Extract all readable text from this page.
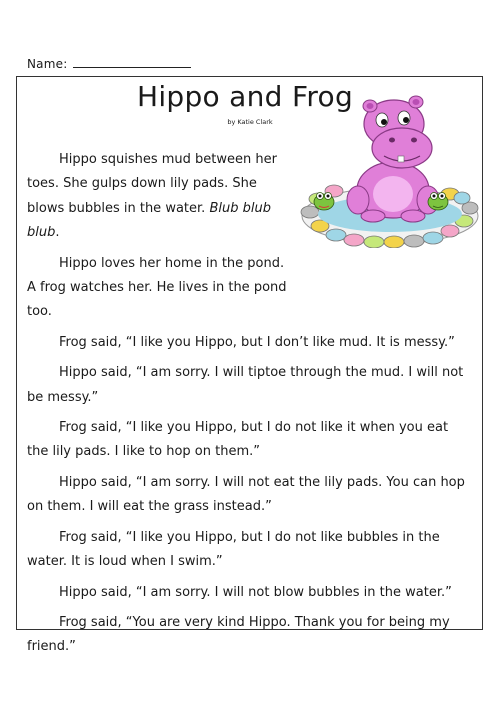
Name:
Hippo and Frog
by Katie Clark

Hippo squishes mud between her toes. She gulps down lily pads. She blows bubbles in the water. Blub blub blub.

Hippo loves her home in the pond. A frog watches her. He lives in the pond too.

Frog said, “I like you Hippo, but I don’t like mud. It is messy.”

Hippo said, “I am sorry. I will tiptoe through the mud. I will not be messy.”

Frog said, “I like you Hippo, but I do not like it when you eat the lily pads. I like to hop on them.”

Hippo said, “I am sorry. I will not eat the lily pads. You can hop on them. I will eat the grass instead.”

Frog said, “I like you Hippo, but I do not like bubbles in the water. It is loud when I swim.”

Hippo said, “I am sorry. I will not blow bubbles in the water.”

Frog said, “You are very kind Hippo. Thank you for being my friend.”
